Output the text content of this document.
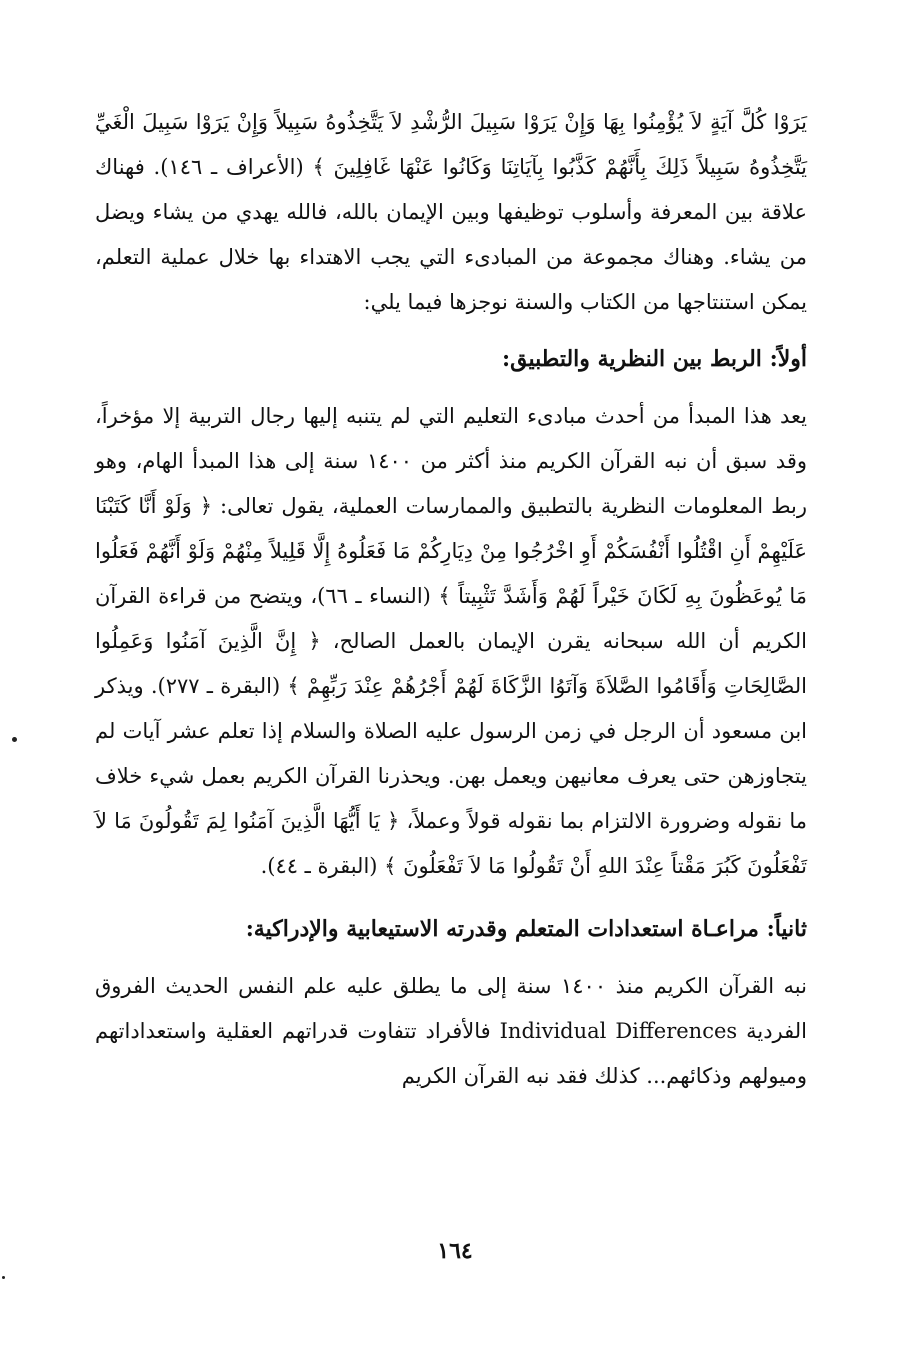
يَرَوْا كُلَّ آيَةٍ لاَ يُؤْمِنُوا بِهَا وَإِنْ يَرَوْا سَبِيلَ الرُّشْدِ لاَ يَتَّخِذُوهُ سَبِيلاً وَإِنْ يَرَوْا سَبِيلَ الْغَيِّ يَتَّخِذُوهُ سَبِيلاً ذَلِكَ بِأَنَّهُمْ كَذَّبُوا بِآيَاتِنَا وَكَانُوا عَنْهَا غَافِلِينَ ﴾ (الأعراف ـ ١٤٦). فهناك علاقة بين المعرفة وأسلوب توظيفها وبين الإيمان بالله، فالله يهدي من يشاء ويضل من يشاء. وهناك مجموعة من المبادىء التي يجب الاهتداء بها خلال عملية التعلم، يمكن استنتاجها من الكتاب والسنة نوجزها فيما يلي:

أولاً: الربط بين النظرية والتطبيق:

يعد هذا المبدأ من أحدث مبادىء التعليم التي لم يتنبه إليها رجال التربية إلا مؤخراً، وقد سبق أن نبه القرآن الكريم منذ أكثر من ١٤٠٠ سنة إلى هذا المبدأ الهام، وهو ربط المعلومات النظرية بالتطبيق والممارسات العملية، يقول تعالى: ﴿ وَلَوْ أَنَّا كَتَبْنَا عَلَيْهِمْ أَنِ اقْتُلُوا أَنْفُسَكُمْ أَوِ اخْرُجُوا مِنْ دِيَارِكُمْ مَا فَعَلُوهُ إِلَّا قَلِيلاً مِنْهُمْ وَلَوْ أَنَّهُمْ فَعَلُوا مَا يُوعَظُونَ بِهِ لَكَانَ خَيْراً لَهُمْ وَأَشَدَّ تَثْبِيتاً ﴾ (النساء ـ ٦٦)، ويتضح من قراءة القرآن الكريم أن الله سبحانه يقرن الإيمان بالعمل الصالح، ﴿ إِنَّ الَّذِينَ آمَنُوا وَعَمِلُوا الصَّالِحَاتِ وَأَقَامُوا الصَّلاَةَ وَآتَوُا الزَّكَاةَ لَهُمْ أَجْرُهُمْ عِنْدَ رَبِّهِمْ ﴾ (البقرة ـ ٢٧٧). ويذكر ابن مسعود أن الرجل في زمن الرسول عليه الصلاة والسلام إذا تعلم عشر آيات لم يتجاوزهن حتى يعرف معانيهن ويعمل بهن. ويحذرنا القرآن الكريم بعمل شيء خلاف ما نقوله وضرورة الالتزام بما نقوله قولاً وعملاً، ﴿ يَا أَيُّهَا الَّذِينَ آمَنُوا لِمَ تَقُولُونَ مَا لاَ تَفْعَلُونَ كَبُرَ مَقْتاً عِنْدَ اللهِ أَنْ تَقُولُوا مَا لاَ تَفْعَلُونَ ﴾ (البقرة ـ ٤٤).

ثانياً: مراعـاة استعدادات المتعلم وقدرته الاستيعابية والإدراكية:

نبه القرآن الكريم منذ ١٤٠٠ سنة إلى ما يطلق عليه علم النفس الحديث الفروق الفردية Individual Differences فالأفراد تتفاوت قدراتهم العقلية واستعداداتهم وميولهم وذكائهم... كذلك فقد نبه القرآن الكريم

١٦٤
